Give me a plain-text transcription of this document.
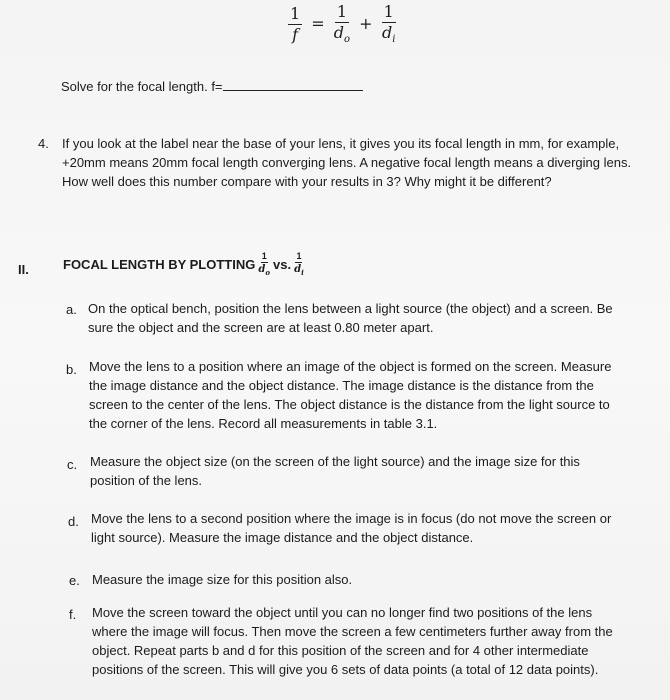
$\frac{1}{f} = \frac{1}{d_o} + \frac{1}{d_i}$
Solve for the focal length. f=
4. If you look at the label near the base of your lens, it gives you its focal length in mm, for example, +20mm means 20mm focal length converging lens. A negative focal length means a diverging lens. How well does this number compare with your results in 3? Why might it be different?
II.	FOCAL LENGTH BY PLOTTING $\frac{1}{d_o}$ vs. $\frac{1}{d_i}$
a. On the optical bench, position the lens between a light source (the object) and a screen. Be sure the object and the screen are at least 0.80 meter apart.
b. Move the lens to a position where an image of the object is formed on the screen. Measure the image distance and the object distance. The image distance is the distance from the screen to the center of the lens. The object distance is the distance from the light source to the corner of the lens. Record all measurements in table 3.1.
c. Measure the object size (on the screen of the light source) and the image size for this position of the lens.
d. Move the lens to a second position where the image is in focus (do not move the screen or light source). Measure the image distance and the object distance.
e. Measure the image size for this position also.
f. Move the screen toward the object until you can no longer find two positions of the lens where the image will focus. Then move the screen a few centimeters further away from the object. Repeat parts b and d for this position of the screen and for 4 other intermediate positions of the screen. This will give you 6 sets of data points (a total of 12 data points).
